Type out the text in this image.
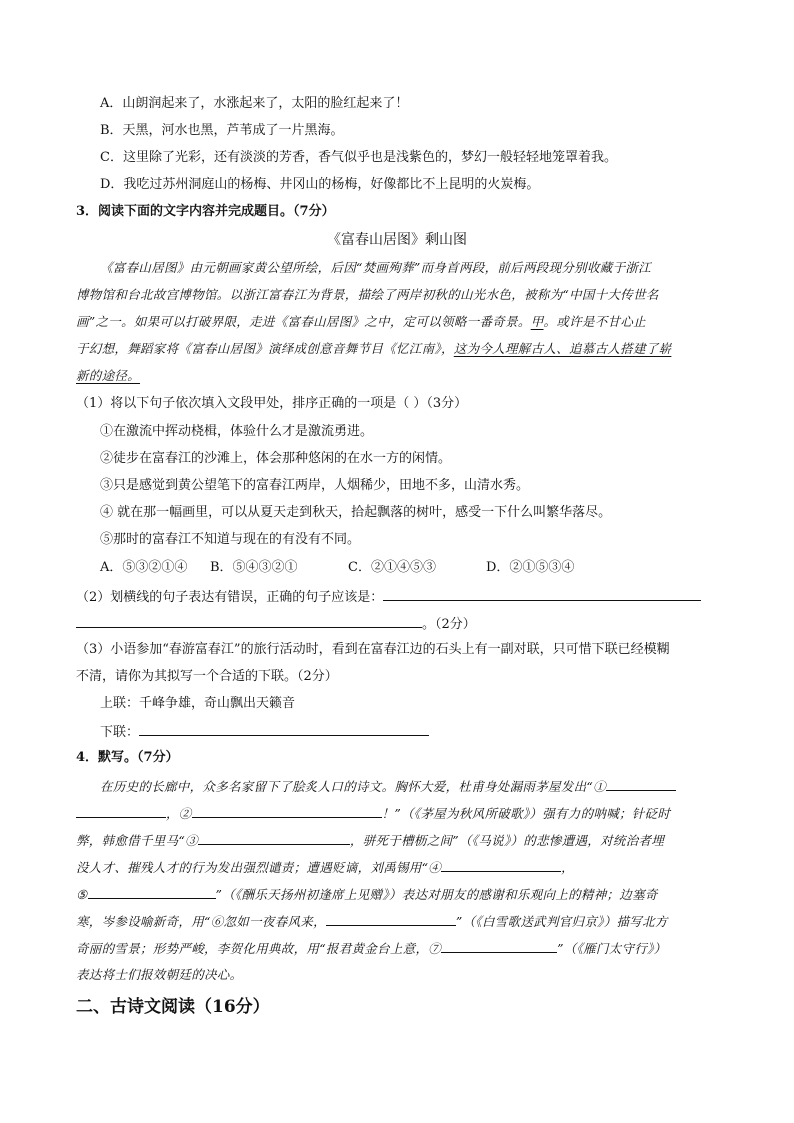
A．山朗润起来了，水涨起来了，太阳的脸红起来了！
B．天黑，河水也黑，芦苇成了一片黑海。
C．这里除了光彩，还有淡淡的芳香，香气似乎也是浅紫色的，梦幻一般轻轻地笼罩着我。
D．我吃过苏州洞庭山的杨梅、井冈山的杨梅，好像都比不上昆明的火炭梅。
3．阅读下面的文字内容并完成题目。（7分）
《富春山居图》剩山图
《富春山居图》由元朝画家黄公望所绘，后因“焚画殉葬”而身首两段，前后两段现分别收藏于浙江
博物馆和台北故宫博物馆。以浙江富春江为背景，描绘了两岸初秋的山光水色，被称为“中国十大传世名
画”之一。如果可以打破界限，走进《富春山居图》之中，定可以领略一番奇景。甲。或许是不甘心止
于幻想，舞蹈家将《富春山居图》演绎成创意音舞节目《忆江南》，这为今人理解古人、追慕古人搭建了崭
新的途径。
（1）将以下句子依次填入文段甲处，排序正确的一项是（ ）（3分）
①在激流中挥动桡楫，体验什么才是激流勇进。
②徒步在富春江的沙滩上，体会那种悠闲的在水一方的闲情。
③只是感觉到黄公望笔下的富春江两岸，人烟稀少，田地不多，山清水秀。
④ 就在那一幅画里，可以从夏天走到秋天，拾起飘落的树叶，感受一下什么叫繁华落尽。
⑤那时的富春江不知道与现在的有没有不同。
A．⑤③②①④ B．⑤④③②①	C．②①④⑤③	D．②①⑤③④
（2）划横线的句子表达有错误，正确的句子应该是：
。（2分）
（3）小语参加“春游富春江”的旅行活动时，看到在富春江边的石头上有一副对联，只可惜下联已经模糊
不清，请你为其拟写一个合适的下联。（2分）
上联：千峰争雄，奇山飘出天籁音
下联：
4．默写。（7分）
在历史的长廊中，众多名家留下了脍炙人口的诗文。胸怀大爱，杜甫身处漏雨茅屋发出“①
，②	！”（《茅屋为秋风所破歌》）强有力的呐喊；针砭时
弊，韩愈借千里马“③	，骈死于槽枥之间”（《马说》）的悲惨遭遇，对统治者埋
没人才、摧残人才的行为发出强烈谴责；遭遇贬谪，刘禹锡用“④	，
⑤	”（《酬乐天扬州初逢席上见赠》）表达对朋友的感谢和乐观向上的精神；边塞奇
寒，岑参设喻新奇，用“⑥忽如一夜春风来，	”（《白雪歌送武判官归京》）描写北方
奇丽的雪景；形势严峻，李贺化用典故，用“报君黄金台上意，⑦	”（《雁门太守行》）
表达将士们报效朝廷的决心。
二、古诗文阅读（16分）
